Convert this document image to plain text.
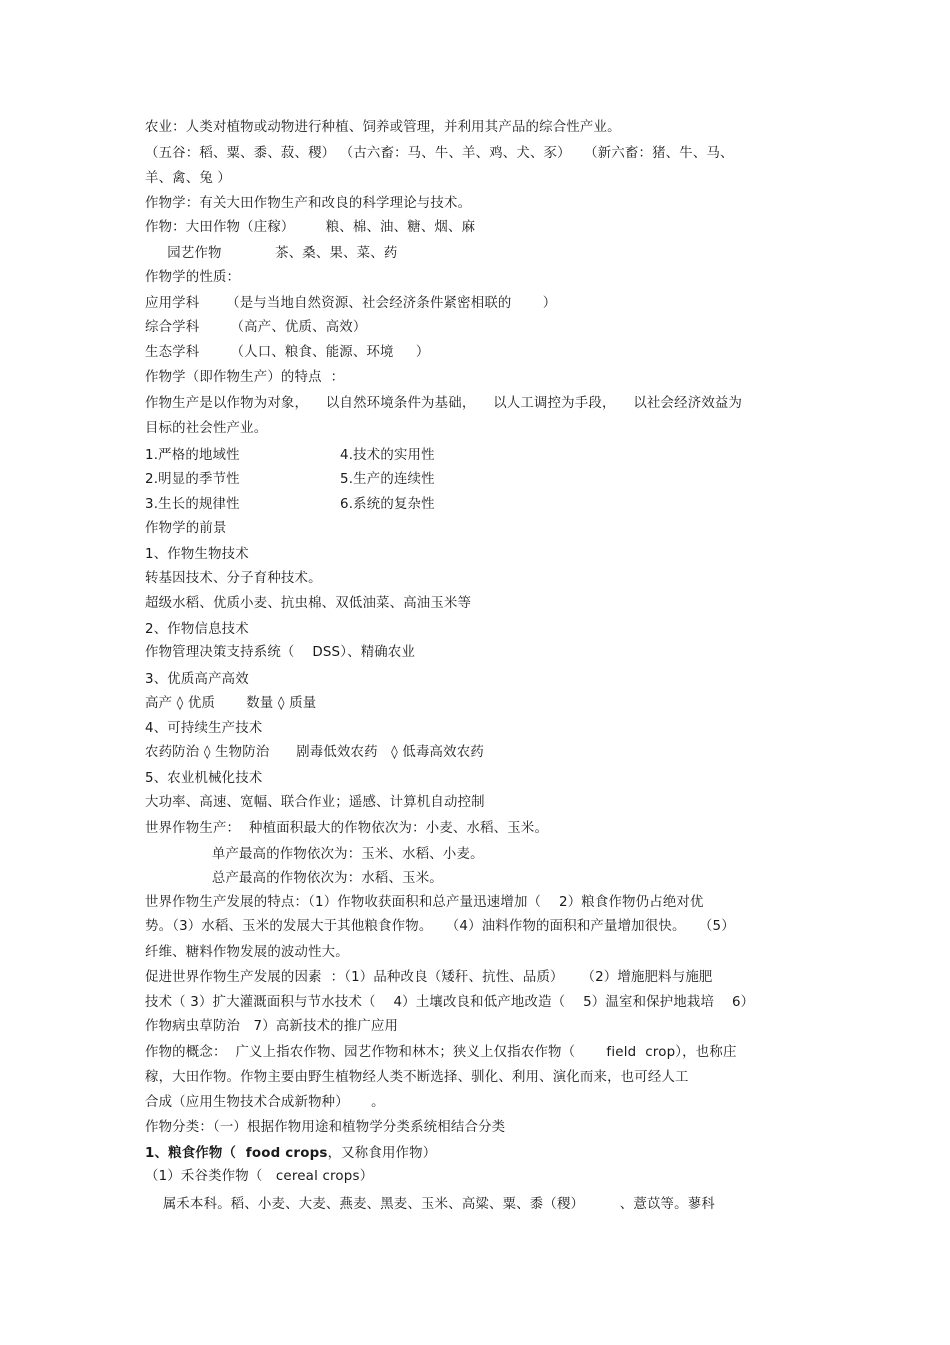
农业：人类对植物或动物进行种植、饲养或管理，并利用其产品的综合性产业。
（五谷：稻、粟、黍、菽、稷） （古六畜：马、牛、羊、鸡、犬、豕）   （新六畜：猪、牛、马、
羊、禽、兔 ）
作物学：有关大田作物生产和改良的科学理论与技术。
作物：大田作物（庄稼）       粮、棉、油、糖、烟、麻
园艺作物            茶、桑、果、菜、药
作物学的性质：
应用学科      （是与当地自然资源、社会经济条件紧密相联的       ）
综合学科       （高产、优质、高效）
生态学科       （人口、粮食、能源、环境     ）
作物学（即作物生产）的特点  ：
作物生产是以作物为对象，    以自然环境条件为基础，    以人工调控为手段，    以社会经济效益为
目标的社会性产业。
1.严格的地域性	4.技术的实用性
2.明显的季节性	5.生产的连续性
3.生长的规律性	6.系统的复杂性
作物学的前景
1、作物生物技术
转基因技术、分子育种技术。
超级水稻、优质小麦、抗虫棉、双低油菜、高油玉米等
2、作物信息技术
作物管理决策支持系统（    DSS）、精确农业
3、优质高产高效
高产 ◊ 优质       数量 ◊ 质量
4、可持续生产技术
农药防治 ◊ 生物防治      剧毒低效农药   ◊ 低毒高效农药
5、农业机械化技术
大功率、高速、宽幅、联合作业；遥感、计算机自动控制
世界作物生产：  种植面积最大的作物依次为：小麦、水稻、玉米。
单产最高的作物依次为：玉米、水稻、小麦。
总产最高的作物依次为：水稻、玉米。
世界作物生产发展的特点：（1）作物收获面积和总产量迅速增加（    2）粮食作物仍占绝对优
势。（3）水稻、玉米的发展大于其他粮食作物。   （4）油料作物的面积和产量增加很快。   （5）
纤维、糖料作物发展的波动性大。
促进世界作物生产发展的因素  ：（1）品种改良（矮秆、抗性、品质）    （2）增施肥料与施肥
技术（ 3）扩大灌溉面积与节水技术（    4）土壤改良和低产地改造（    5）温室和保护地栽培    6）
作物病虫草防治   7）高新技术的推广应用
作物的概念：  广义上指农作物、园艺作物和林木；狭义上仅指农作物（       field  crop），也称庄
稼，大田作物。作物主要由野生植物经人类不断选择、驯化、利用、演化而来，也可经人工
合成（应用生物技术合成新物种）     。
作物分类：（一）根据作物用途和植物学分类系统相结合分类
1、粮食作物（  food crops，又称食用作物）
（1）禾谷类作物（   cereal crops）
属禾本科。稻、小麦、大麦、燕麦、黑麦、玉米、高粱、粟、黍（稷）        、薏苡等。蓼科
